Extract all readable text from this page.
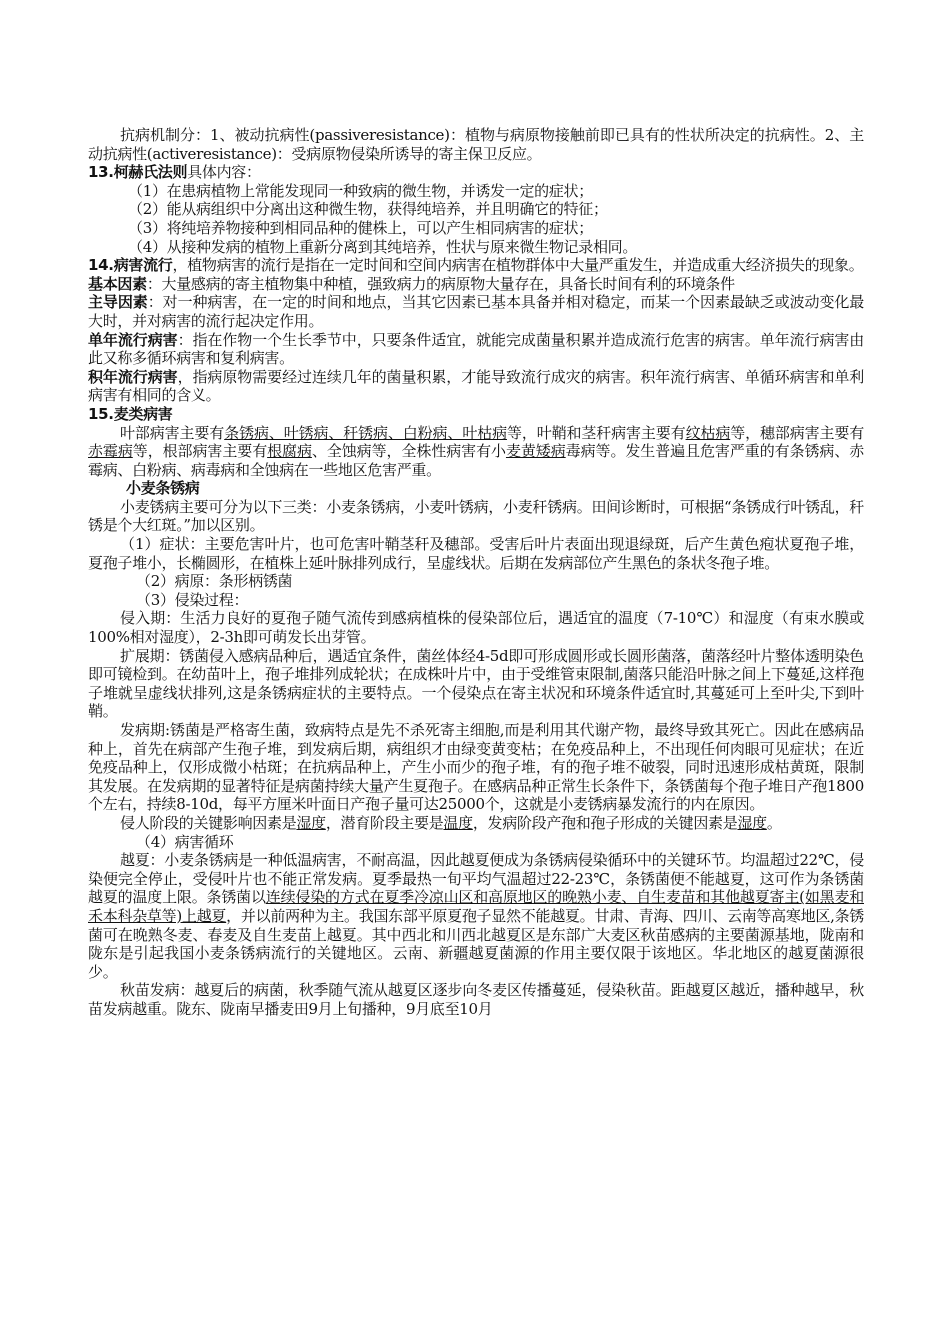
抗病机制分：1、被动抗病性(passiveresistance)：植物与病原物接触前即已具有的性状所决定的抗病性。2、主动抗病性(activeresistance)：受病原物侵染所诱导的寄主保卫反应。

13.柯赫氏法则具体内容：

（1）在患病植物上常能发现同一种致病的微生物，并诱发一定的症状；

（2）能从病组织中分离出这种微生物，获得纯培养，并且明确它的特征；

（3）将纯培养物接种到相同品种的健株上，可以产生相同病害的症状；

（4）从接种发病的植物上重新分离到其纯培养，性状与原来微生物记录相同。

14.病害流行，植物病害的流行是指在一定时间和空间内病害在植物群体中大量严重发生，并造成重大经济损失的现象。

基本因素：大量感病的寄主植物集中种植，强致病力的病原物大量存在，具备长时间有利的环境条件

主导因素：对一种病害，在一定的时间和地点，当其它因素已基本具备并相对稳定，而某一个因素最缺乏或波动变化最大时，并对病害的流行起决定作用。

单年流行病害：指在作物一个生长季节中，只要条件适宜，就能完成菌量积累并造成流行危害的病害。单年流行病害由此又称多循环病害和复利病害。

积年流行病害，指病原物需要经过连续几年的菌量积累，才能导致流行成灾的病害。积年流行病害、单循环病害和单利病害有相同的含义。

15.麦类病害

叶部病害主要有条锈病、叶锈病、秆锈病、白粉病、叶枯病等，叶鞘和茎秆病害主要有纹枯病等，穗部病害主要有赤霉病等，根部病害主要有根腐病、全蚀病等，全株性病害有小麦黄矮病毒病等。发生普遍且危害严重的有条锈病、赤霉病、白粉病、病毒病和全蚀病在一些地区危害严重。

小麦条锈病

小麦锈病主要可分为以下三类：小麦条锈病，小麦叶锈病，小麦秆锈病。田间诊断时，可根据“条锈成行叶锈乱，秆锈是个大红斑。”加以区别。

（1）症状：主要危害叶片，也可危害叶鞘茎秆及穗部。受害后叶片表面出现退绿斑，后产生黄色疱状夏孢子堆，夏孢子堆小，长椭圆形，在植株上延叶脉排列成行，呈虚线状。后期在发病部位产生黑色的条状冬孢子堆。

（2）病原：条形柄锈菌

（3）侵染过程：

侵入期：生活力良好的夏孢子随气流传到感病植株的侵染部位后，遇适宜的温度（7-10℃）和湿度（有束水膜或100%相对湿度），2-3h即可萌发长出芽管。

扩展期：锈菌侵入感病品种后，遇适宜条件，菌丝体经4-5d即可形成圆形或长圆形菌落，菌落经叶片整体透明染色即可镜检到。在幼苗叶上，孢子堆排列成轮状；在成株叶片中，由于受维管束限制,菌落只能沿叶脉之间上下蔓延,这样孢子堆就呈虚线状排列,这是条锈病症状的主要特点。一个侵染点在寄主状况和环境条件适宜时,其蔓延可上至叶尖,下到叶鞘。

发病期:锈菌是严格寄生菌，致病特点是先不杀死寄主细胞,而是利用其代谢产物，最终导致其死亡。因此在感病品种上，首先在病部产生孢子堆，到发病后期，病组织才由绿变黄变枯；在免疫品种上，不出现任何肉眼可见症状；在近免疫品种上，仅形成微小枯斑；在抗病品种上，产生小而少的孢子堆，有的孢子堆不破裂，同时迅速形成枯黄斑，限制其发展。在发病期的显著特征是病菌持续大量产生夏孢子。在感病品种正常生长条件下，条锈菌每个孢子堆日产孢1800个左右，持续8-10d，每平方厘米叶面日产孢子量可达25000个，这就是小麦锈病暴发流行的内在原因。

侵人阶段的关键影响因素是湿度，潜育阶段主要是温度，发病阶段产孢和孢子形成的关键因素是湿度。

（4）病害循环

越夏：小麦条锈病是一种低温病害，不耐高温，因此越夏便成为条锈病侵染循环中的关键环节。均温超过22℃，侵染便完全停止，受侵叶片也不能正常发病。夏季最热一旬平均气温超过22-23℃，条锈菌便不能越夏，这可作为条锈菌越夏的温度上限。条锈菌以连续侵染的方式在夏季冷凉山区和高原地区的晚熟小麦、自生麦苗和其他越夏寄主(如黑麦和禾本科杂草等)上越夏，并以前两种为主。我国东部平原夏孢子显然不能越夏。甘肃、青海、四川、云南等高寒地区,条锈菌可在晚熟冬麦、春麦及自生麦苗上越夏。其中西北和川西北越夏区是东部广大麦区秋苗感病的主要菌源基地，陇南和陇东是引起我国小麦条锈病流行的关键地区。云南、新疆越夏菌源的作用主要仅限于该地区。华北地区的越夏菌源很少。

秋苗发病：越夏后的病菌，秋季随气流从越夏区逐步向冬麦区传播蔓延，侵染秋苗。距越夏区越近，播种越早，秋苗发病越重。陇东、陇南早播麦田9月上旬播种，9月底至10月
